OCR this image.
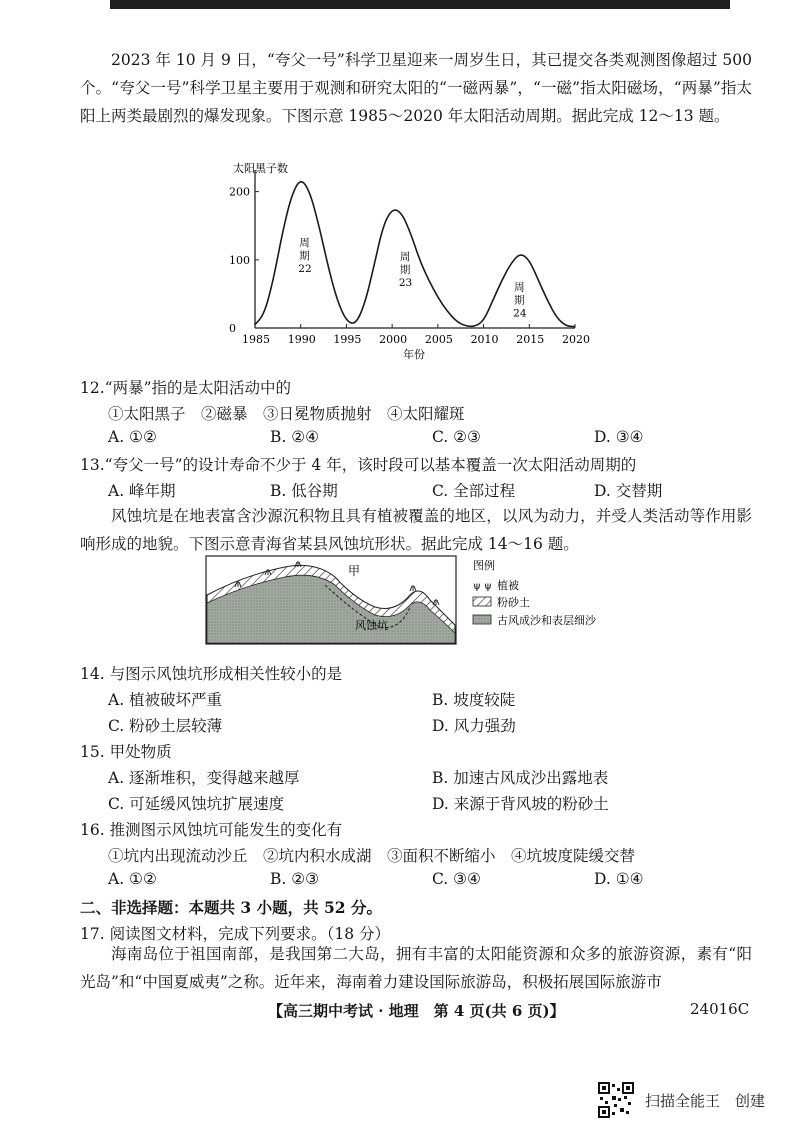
2023 年 10 月 9 日，“夸父一号”科学卫星迎来一周岁生日，其已提交各类观测图像超过 500 个。“夸父一号”科学卫星主要用于观测和研究太阳的“一磁两暴”，“一磁”指太阳磁场，“两暴”指太阳上两类最剧烈的爆发现象。下图示意 1985～2020 年太阳活动周期。据此完成 12～13 题。
太阳黑子数
年份
1985 1990 1995 2000 2005 2010 2015 2020
0
100
200
周
期
22
周
期
23	周
期
24
12.“两暴”指的是太阳活动中的
①太阳黑子　②磁暴　③日冕物质抛射　④太阳耀斑
A. ①②	B. ②④	C. ②③	D. ③④
13.“夸父一号”的设计寿命不少于 4 年，该时段可以基本覆盖一次太阳活动周期的
A. 峰年期	B. 低谷期	C. 全部过程	D. 交替期
风蚀坑是在地表富含沙源沉积物且具有植被覆盖的地区，以风为动力，并受人类活动等作用影响形成的地貌。下图示意青海省某县风蚀坑形状。据此完成 14～16 题。
甲
风蚀坑
图例
ψ ψ 植被
粉砂土
古风成沙和表层细沙
14. 与图示风蚀坑形成相关性较小的是
A. 植被破坏严重	B. 坡度较陡
C. 粉砂土层较薄	D. 风力强劲
15. 甲处物质
A. 逐渐堆积，变得越来越厚	B. 加速古风成沙出露地表
C. 可延缓风蚀坑扩展速度	D. 来源于背风坡的粉砂土
16. 推测图示风蚀坑可能发生的变化有
①坑内出现流动沙丘　②坑内积水成湖　③面积不断缩小　④坑坡度陡缓交替
A. ①②	B. ②③	C. ③④	D. ①④
二、非选择题：本题共 3 小题，共 52 分。
17. 阅读图文材料，完成下列要求。（18 分）
海南岛位于祖国南部，是我国第二大岛，拥有丰富的太阳能资源和众多的旅游资源，素有“阳光岛”和“中国夏威夷”之称。近年来，海南着力建设国际旅游岛，积极拓展国际旅游市
【高三期中考试 · 地理　第 4 页(共 6 页)】	24016C
扫描全能王　创建
